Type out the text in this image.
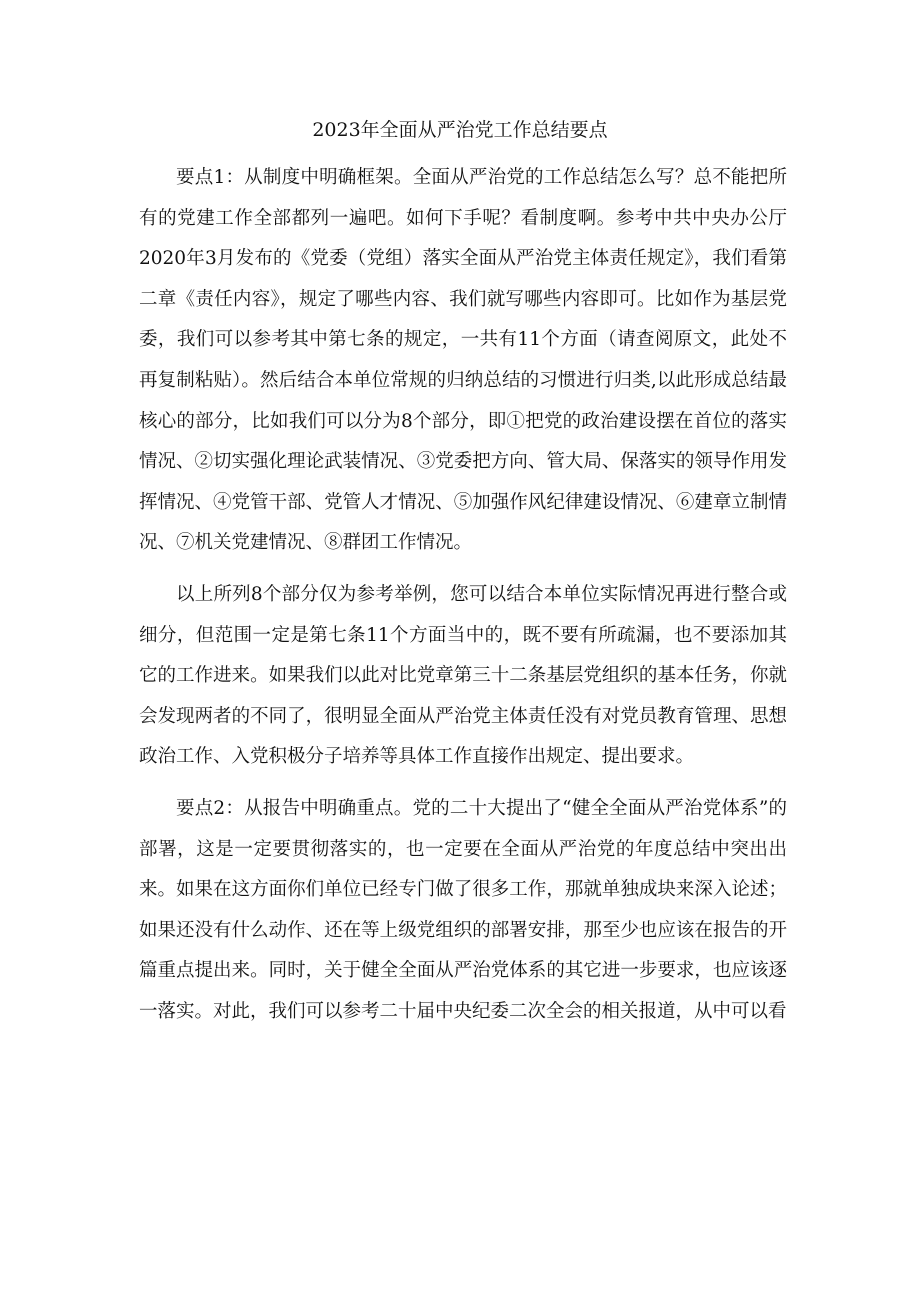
2023年全面从严治党工作总结要点

要点1：从制度中明确框架。全面从严治党的工作总结怎么写？总不能把所有的党建工作全部都列一遍吧。如何下手呢？看制度啊。参考中共中央办公厅2020年3月发布的《党委（党组）落实全面从严治党主体责任规定》，我们看第二章《责任内容》，规定了哪些内容、我们就写哪些内容即可。比如作为基层党委，我们可以参考其中第七条的规定，一共有11个方面（请查阅原文，此处不再复制粘贴）。然后结合本单位常规的归纳总结的习惯进行归类,以此形成总结最核心的部分，比如我们可以分为8个部分，即①把党的政治建设摆在首位的落实情况、②切实强化理论武装情况、③党委把方向、管大局、保落实的领导作用发挥情况、④党管干部、党管人才情况、⑤加强作风纪律建设情况、⑥建章立制情况、⑦机关党建情况、⑧群团工作情况。

以上所列8个部分仅为参考举例，您可以结合本单位实际情况再进行整合或细分，但范围一定是第七条11个方面当中的，既不要有所疏漏，也不要添加其它的工作进来。如果我们以此对比党章第三十二条基层党组织的基本任务，你就会发现两者的不同了，很明显全面从严治党主体责任没有对党员教育管理、思想政治工作、入党积极分子培养等具体工作直接作出规定、提出要求。

要点2：从报告中明确重点。党的二十大提出了“健全全面从严治党体系”的部署，这是一定要贯彻落实的，也一定要在全面从严治党的年度总结中突出出来。如果在这方面你们单位已经专门做了很多工作，那就单独成块来深入论述；如果还没有什么动作、还在等上级党组织的部署安排，那至少也应该在报告的开篇重点提出来。同时，关于健全全面从严治党体系的其它进一步要求，也应该逐一落实。对此，我们可以参考二十届中央纪委二次全会的相关报道，从中可以看
